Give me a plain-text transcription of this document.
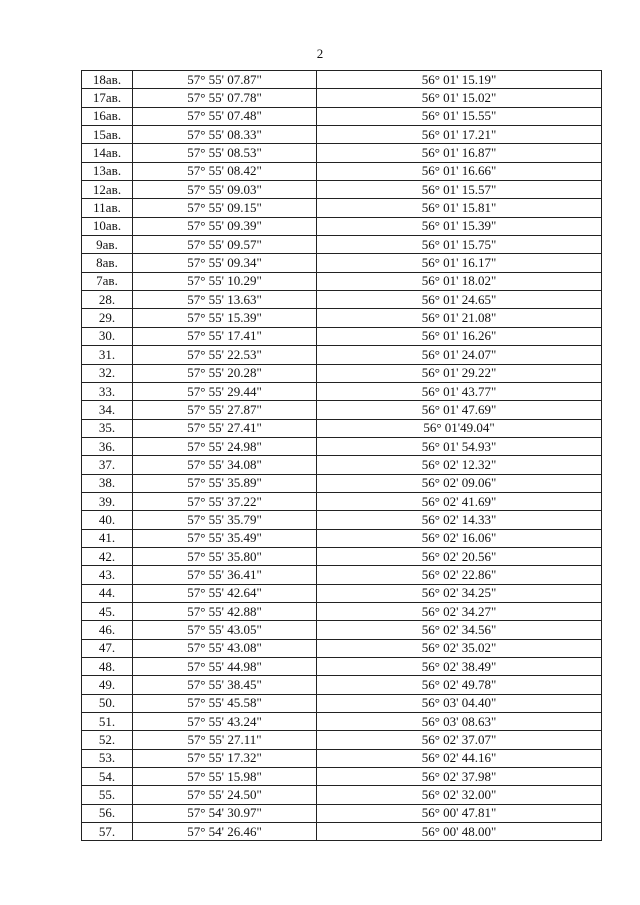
2
18ав.	57° 55' 07.87"	56° 01' 15.19"
17ав.	57° 55' 07.78"	56° 01' 15.02"
16ав.	57° 55' 07.48"	56° 01' 15.55"
15ав.	57° 55' 08.33"	56° 01' 17.21"
14ав.	57° 55' 08.53"	56° 01' 16.87"
13ав.	57° 55' 08.42"	56° 01' 16.66"
12ав.	57° 55' 09.03"	56° 01' 15.57"
11ав.	57° 55' 09.15"	56° 01' 15.81"
10ав.	57° 55' 09.39"	56° 01' 15.39"
9ав.	57° 55' 09.57"	56° 01' 15.75"
8ав.	57° 55' 09.34"	56° 01' 16.17"
7ав.	57° 55' 10.29"	56° 01' 18.02"
28.	57° 55' 13.63"	56° 01' 24.65"
29.	57° 55' 15.39"	56° 01' 21.08"
30.	57° 55' 17.41"	56° 01' 16.26"
31.	57° 55' 22.53"	56° 01' 24.07"
32.	57° 55' 20.28"	56° 01' 29.22"
33.	57° 55' 29.44"	56° 01' 43.77"
34.	57° 55' 27.87"	56° 01' 47.69"
35.	57° 55' 27.41"	56° 01'49.04"
36.	57° 55' 24.98"	56° 01' 54.93"
37.	57° 55' 34.08"	56° 02' 12.32"
38.	57° 55' 35.89"	56° 02' 09.06"
39.	57° 55' 37.22"	56° 02' 41.69"
40.	57° 55' 35.79"	56° 02' 14.33"
41.	57° 55' 35.49"	56° 02' 16.06"
42.	57° 55' 35.80"	56° 02' 20.56"
43.	57° 55' 36.41"	56° 02' 22.86"
44.	57° 55' 42.64"	56° 02' 34.25"
45.	57° 55' 42.88"	56° 02' 34.27"
46.	57° 55' 43.05"	56° 02' 34.56"
47.	57° 55' 43.08"	56° 02' 35.02"
48.	57° 55' 44.98"	56° 02' 38.49"
49.	57° 55' 38.45"	56° 02' 49.78"
50.	57° 55' 45.58"	56° 03' 04.40"
51.	57° 55' 43.24"	56° 03' 08.63"
52.	57° 55' 27.11"	56° 02' 37.07"
53.	57° 55' 17.32"	56° 02' 44.16"
54.	57° 55' 15.98"	56° 02' 37.98"
55.	57° 55' 24.50"	56° 02' 32.00"
56.	57° 54' 30.97"	56° 00' 47.81"
57.	57° 54' 26.46"	56° 00' 48.00"
